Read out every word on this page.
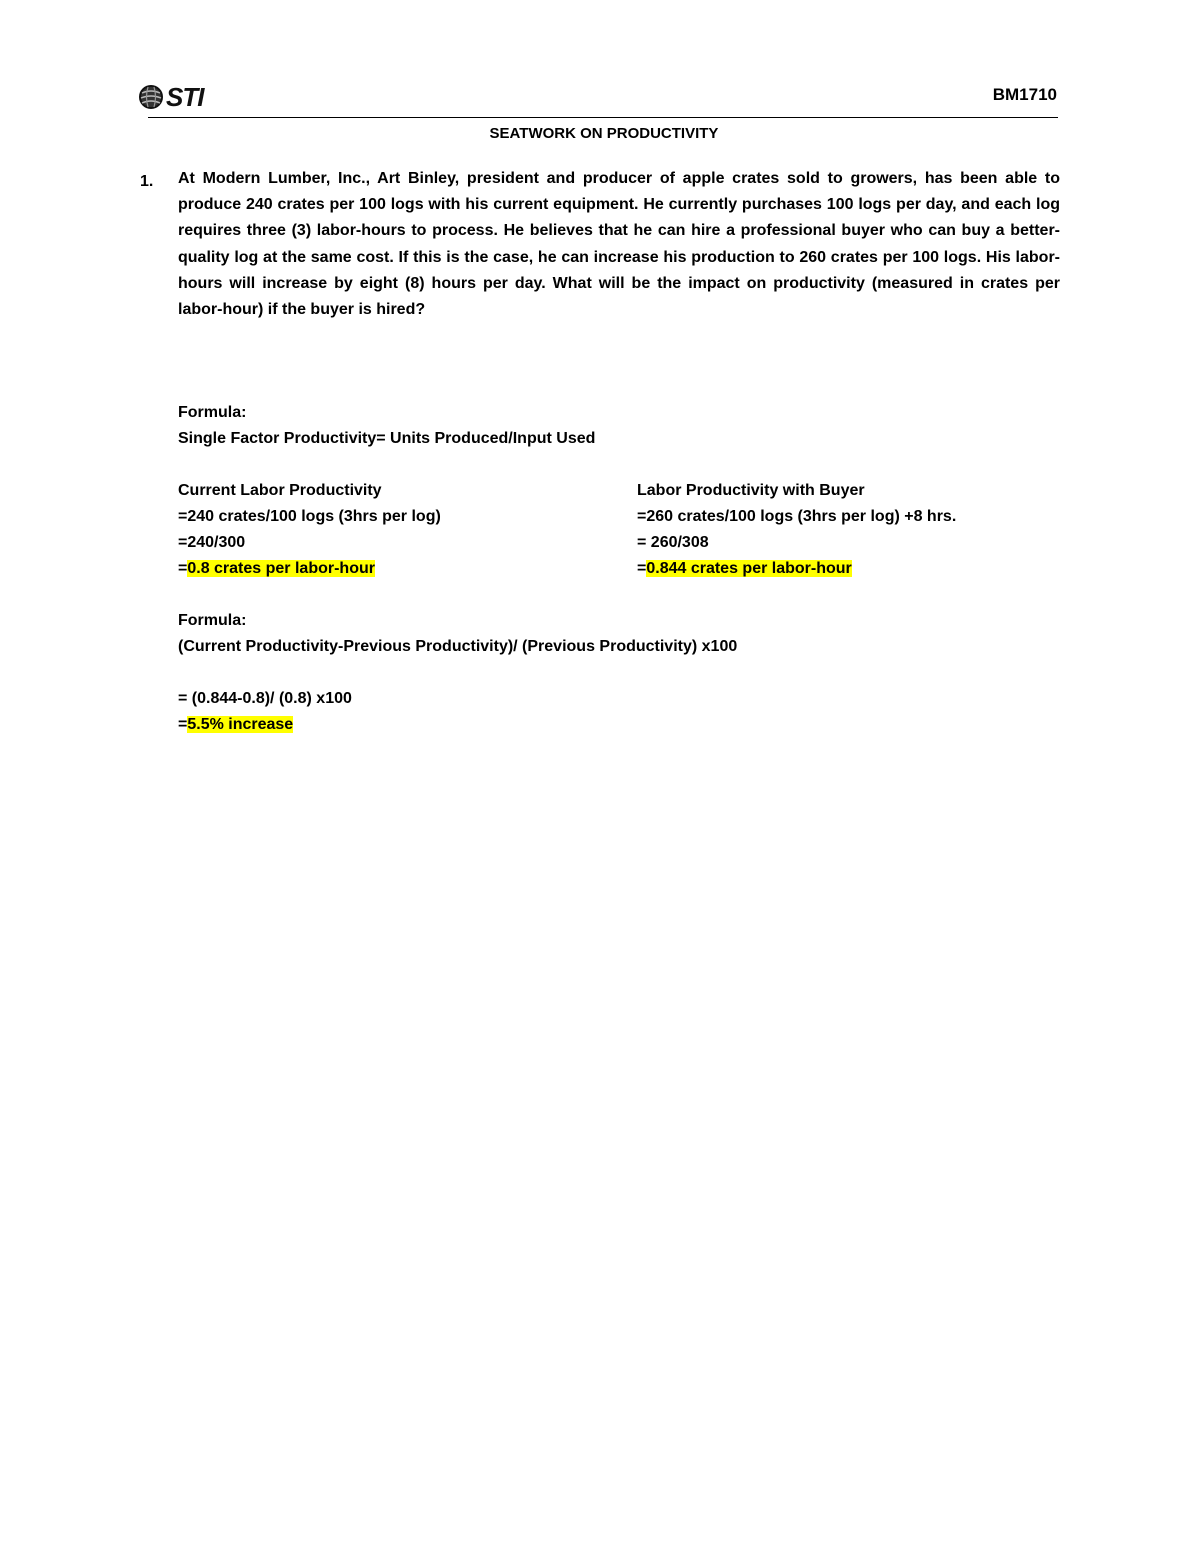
STI	BM1710
SEATWORK ON PRODUCTIVITY
1. At Modern Lumber, Inc., Art Binley, president and producer of apple crates sold to growers, has been able to produce 240 crates per 100 logs with his current equipment. He currently purchases 100 logs per day, and each log requires three (3) labor-hours to process. He believes that he can hire a professional buyer who can buy a better-quality log at the same cost. If this is the case, he can increase his production to 260 crates per 100 logs. His labor-hours will increase by eight (8) hours per day. What will be the impact on productivity (measured in crates per labor-hour) if the buyer is hired?
Formula:
Single Factor Productivity= Units Produced/Input Used
Current Labor Productivity
=240 crates/100 logs (3hrs per log)
=240/300
=0.8 crates per labor-hour
Labor Productivity with Buyer
=260 crates/100 logs (3hrs per log) +8 hrs.
= 260/308
=0.844 crates per labor-hour
Formula:
(Current Productivity-Previous Productivity)/ (Previous Productivity) x100
= (0.844-0.8)/ (0.8) x100
=5.5% increase
